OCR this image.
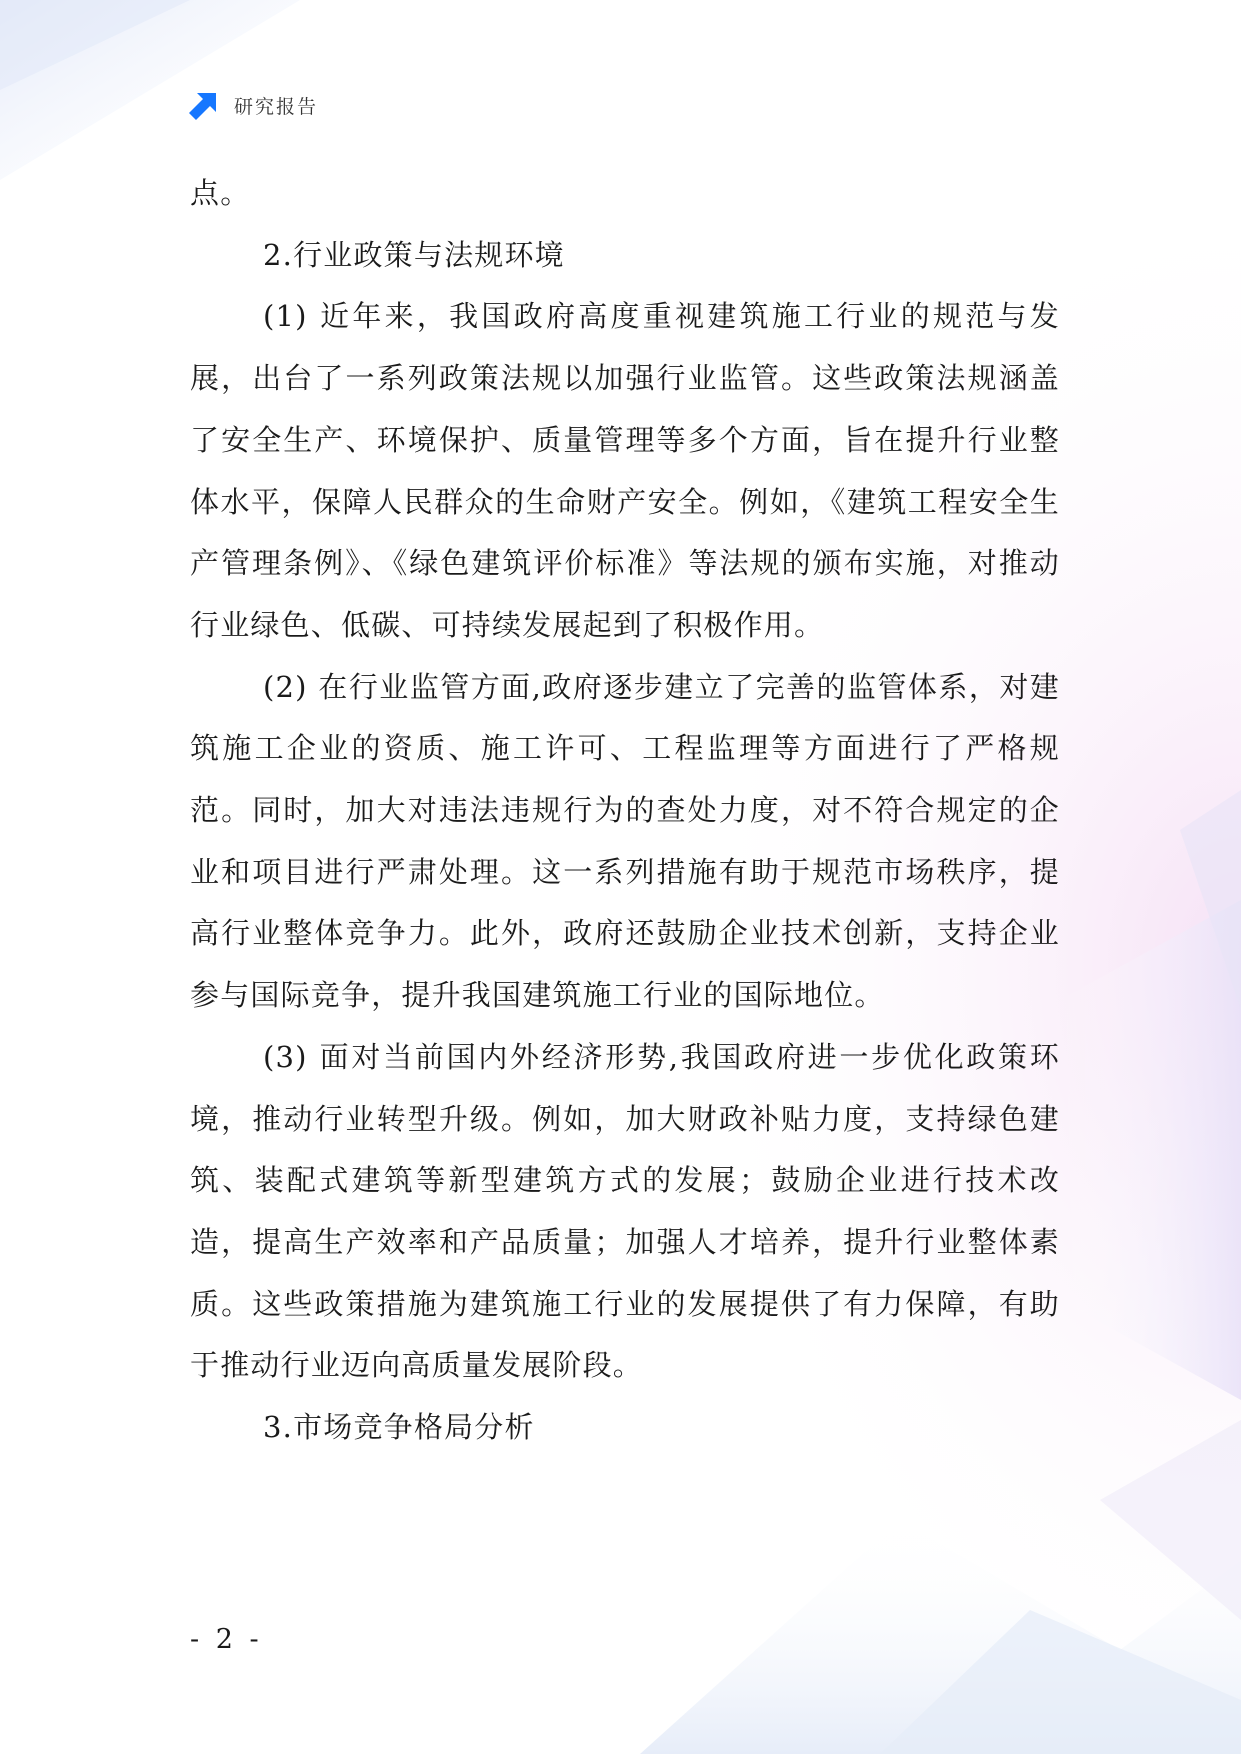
研究报告

点。

2.行业政策与法规环境

(1) 近年来，我国政府高度重视建筑施工行业的规范与发展，出台了一系列政策法规以加强行业监管。这些政策法规涵盖了安全生产、环境保护、质量管理等多个方面，旨在提升行业整体水平，保障人民群众的生命财产安全。例如，《建筑工程安全生产管理条例》、《绿色建筑评价标准》等法规的颁布实施，对推动行业绿色、低碳、可持续发展起到了积极作用。

(2) 在行业监管方面,政府逐步建立了完善的监管体系，对建筑施工企业的资质、施工许可、工程监理等方面进行了严格规范。同时，加大对违法违规行为的查处力度，对不符合规定的企业和项目进行严肃处理。这一系列措施有助于规范市场秩序，提高行业整体竞争力。此外，政府还鼓励企业技术创新，支持企业参与国际竞争，提升我国建筑施工行业的国际地位。

(3) 面对当前国内外经济形势,我国政府进一步优化政策环境，推动行业转型升级。例如，加大财政补贴力度，支持绿色建筑、装配式建筑等新型建筑方式的发展；鼓励企业进行技术改造，提高生产效率和产品质量；加强人才培养，提升行业整体素质。这些政策措施为建筑施工行业的发展提供了有力保障，有助于推动行业迈向高质量发展阶段。

3.市场竞争格局分析

- 2 -
